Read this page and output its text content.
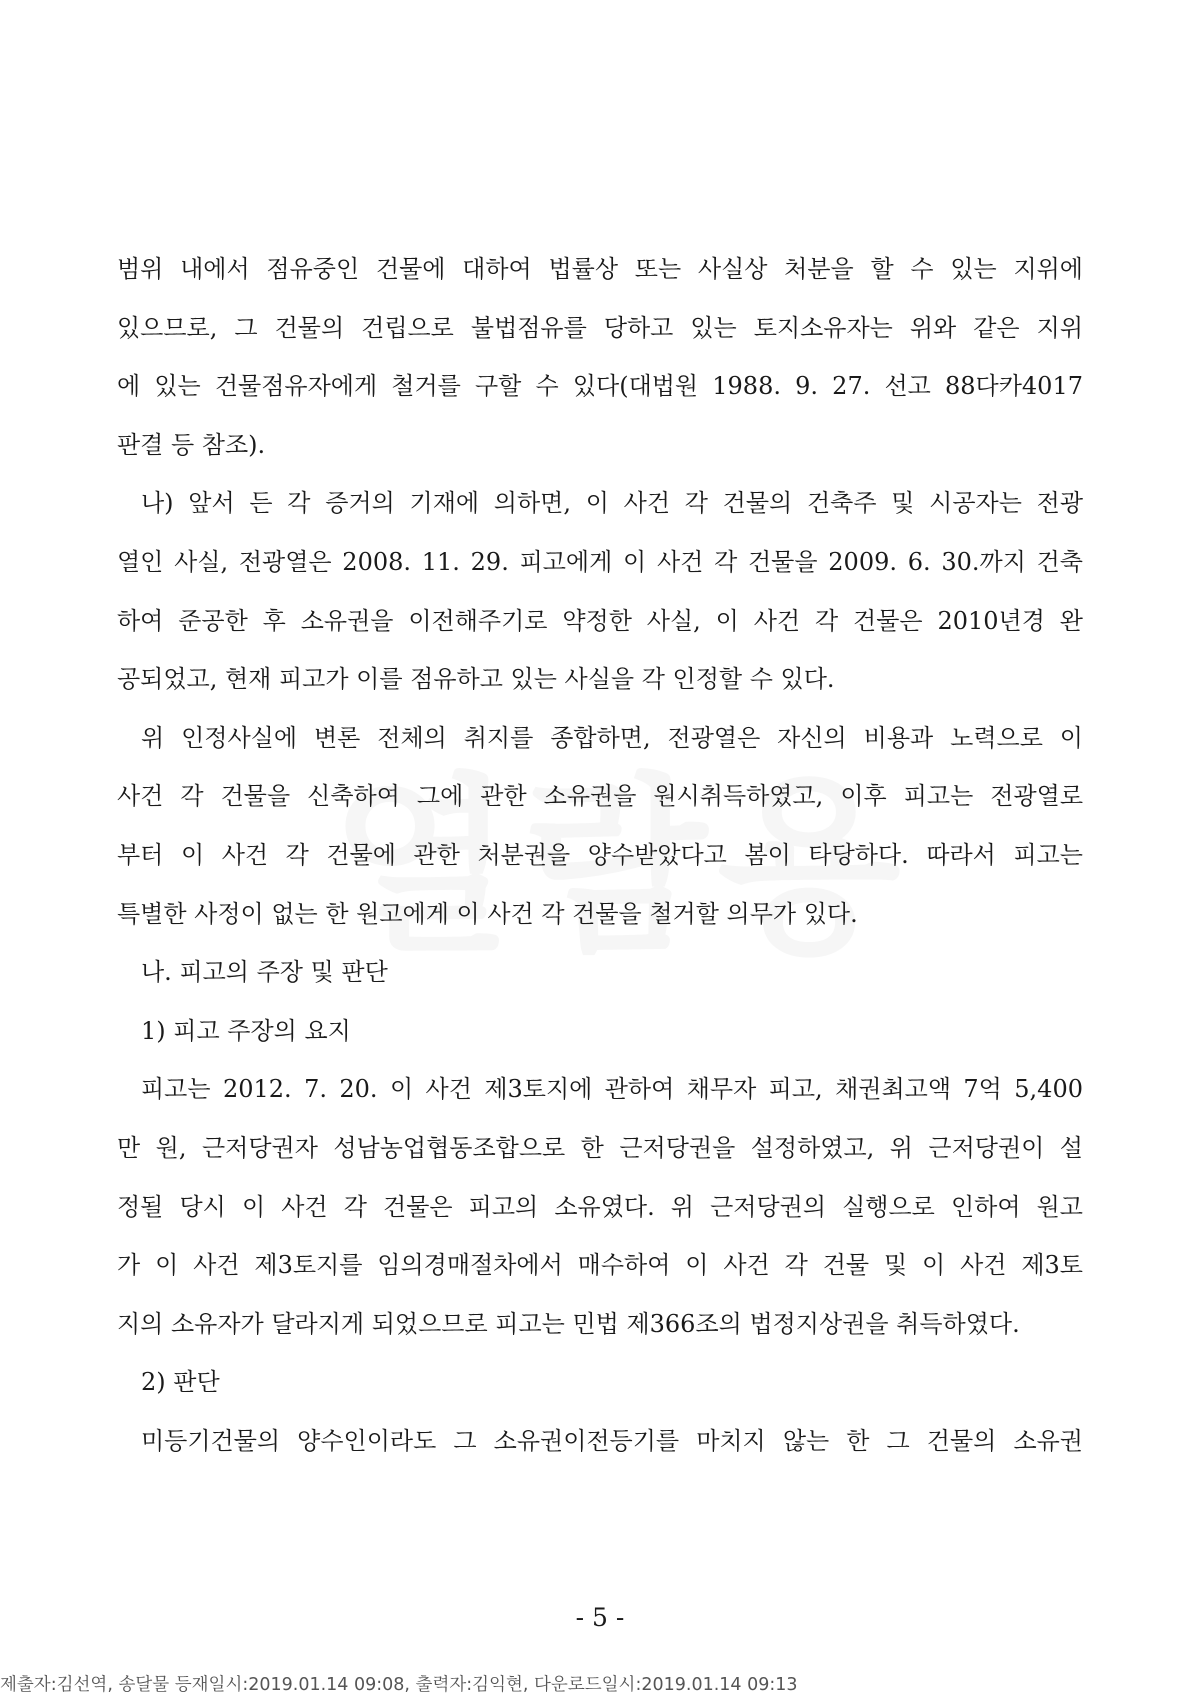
범위 내에서 점유중인 건물에 대하여 법률상 또는 사실상 처분을 할 수 있는 지위에
있으므로, 그 건물의 건립으로 불법점유를 당하고 있는 토지소유자는 위와 같은 지위
에 있는 건물점유자에게 철거를 구할 수 있다(대법원 1988. 9. 27. 선고 88다카4017
판결 등 참조).
나) 앞서 든 각 증거의 기재에 의하면, 이 사건 각 건물의 건축주 및 시공자는 전광
열인 사실, 전광열은 2008. 11. 29. 피고에게 이 사건 각 건물을 2009. 6. 30.까지 건축
하여 준공한 후 소유권을 이전해주기로 약정한 사실, 이 사건 각 건물은 2010년경 완
공되었고, 현재 피고가 이를 점유하고 있는 사실을 각 인정할 수 있다.
위 인정사실에 변론 전체의 취지를 종합하면, 전광열은 자신의 비용과 노력으로 이
사건 각 건물을 신축하여 그에 관한 소유권을 원시취득하였고, 이후 피고는 전광열로
부터 이 사건 각 건물에 관한 처분권을 양수받았다고 봄이 타당하다. 따라서 피고는
특별한 사정이 없는 한 원고에게 이 사건 각 건물을 철거할 의무가 있다.
나. 피고의 주장 및 판단
1) 피고 주장의 요지
피고는 2012. 7. 20. 이 사건 제3토지에 관하여 채무자 피고, 채권최고액 7억 5,400
만 원, 근저당권자 성남농업협동조합으로 한 근저당권을 설정하였고, 위 근저당권이 설
정될 당시 이 사건 각 건물은 피고의 소유였다. 위 근저당권의 실행으로 인하여 원고
가 이 사건 제3토지를 임의경매절차에서 매수하여 이 사건 각 건물 및 이 사건 제3토
지의 소유자가 달라지게 되었으므로 피고는 민법 제366조의 법정지상권을 취득하였다.
2) 판단
미등기건물의 양수인이라도 그 소유권이전등기를 마치지 않는 한 그 건물의 소유권
- 5 -
제출자:김선역, 송달물 등재일시:2019.01.14 09:08, 출력자:김익현, 다운로드일시:2019.01.14 09:13
